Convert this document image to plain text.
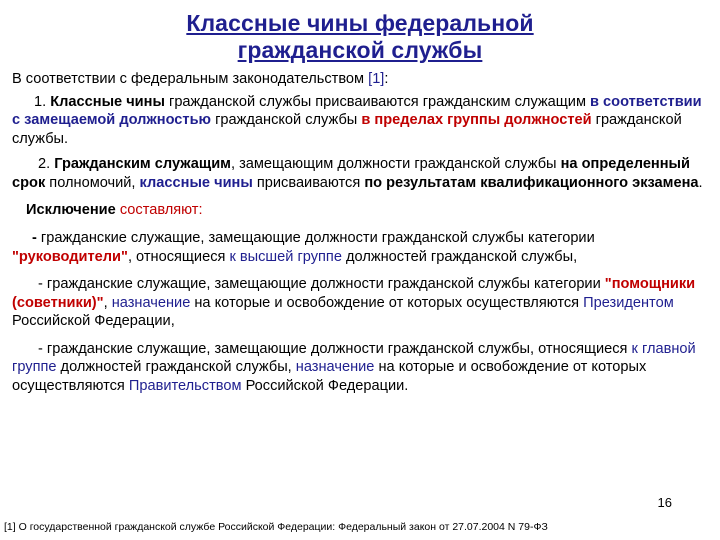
Классные чины федеральной
гражданской службы

В соответствии с федеральным законодательством [1]:

1. Классные чины гражданской службы присваиваются гражданским служащим в соответствии с замещаемой должностью гражданской службы в пределах группы должностей гражданской службы.

2. Гражданским служащим, замещающим должности гражданской службы на определенный срок полномочий, классные чины присваиваются по результатам квалификационного экзамена.

Исключение составляют:

- гражданские служащие, замещающие должности гражданской службы категории "руководители", относящиеся к высшей группе должностей гражданской службы,

- гражданские служащие, замещающие должности гражданской службы категории "помощники (советники)", назначение на которые и освобождение от которых осуществляются Президентом Российской Федерации,

- гражданские служащие, замещающие должности гражданской службы, относящиеся к главной группе должностей гражданской службы, назначение на которые и освобождение от которых осуществляются Правительством Российской Федерации.

16
[1] О государственной гражданской службе Российской Федерации: Федеральный закон от 27.07.2004 N 79-ФЗ
